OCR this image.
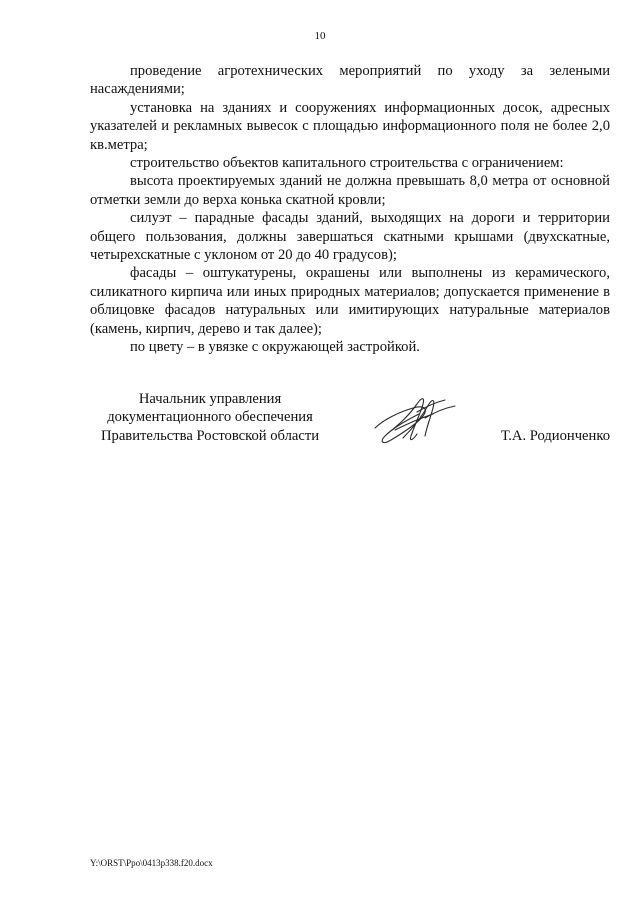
10

проведение агротехнических мероприятий по уходу за зелеными насаждениями;

установка на зданиях и сооружениях информационных досок, адресных указателей и рекламных вывесок с площадью информационного поля не более 2,0 кв.метра;

строительство объектов капитального строительства с ограничением:

высота проектируемых зданий не должна превышать 8,0 метра от основной отметки земли до верха конька скатной кровли;

силуэт – парадные фасады зданий, выходящих на дороги и территории общего пользования, должны завершаться скатными крышами (двухскатные, четырехскатные с уклоном от 20 до 40 градусов);

фасады – оштукатурены, окрашены или выполнены из керамического, силикатного кирпича или иных природных материалов; допускается применение в облицовке фасадов натуральных или имитирующих натуральные материалов (камень, кирпич, дерево и так далее);

по цвету – в увязке с окружающей застройкой.

Начальник управления
документационного обеспечения
Правительства Ростовской области	Т.А. Родионченко
Y:\ORST\Ppo\0413p338.f20.docx
